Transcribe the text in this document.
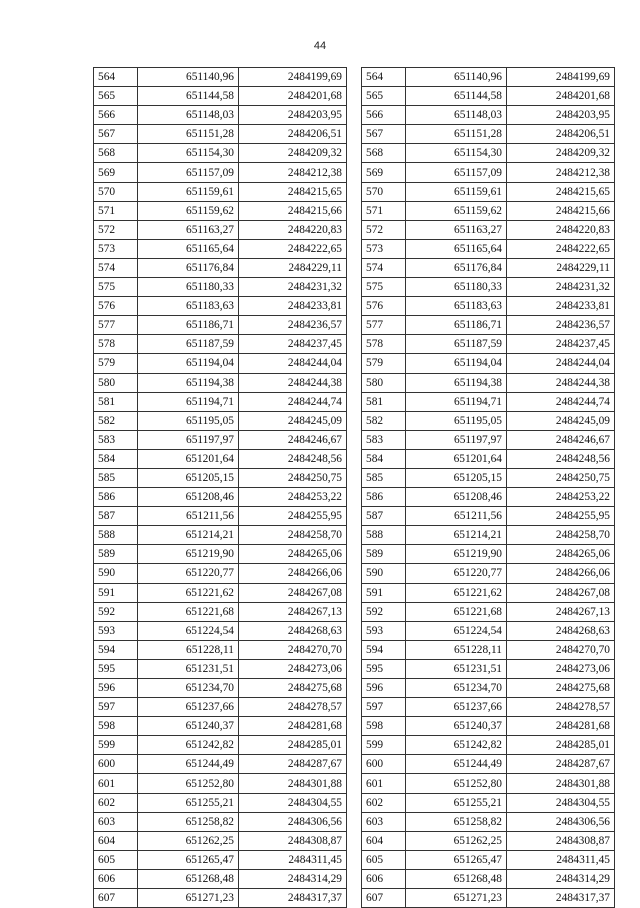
44
564	651140,96	2484199,69
565	651144,58	2484201,68
566	651148,03	2484203,95
567	651151,28	2484206,51
568	651154,30	2484209,32
569	651157,09	2484212,38
570	651159,61	2484215,65
571	651159,62	2484215,66
572	651163,27	2484220,83
573	651165,64	2484222,65
574	651176,84	2484229,11
575	651180,33	2484231,32
576	651183,63	2484233,81
577	651186,71	2484236,57
578	651187,59	2484237,45
579	651194,04	2484244,04
580	651194,38	2484244,38
581	651194,71	2484244,74
582	651195,05	2484245,09
583	651197,97	2484246,67
584	651201,64	2484248,56
585	651205,15	2484250,75
586	651208,46	2484253,22
587	651211,56	2484255,95
588	651214,21	2484258,70
589	651219,90	2484265,06
590	651220,77	2484266,06
591	651221,62	2484267,08
592	651221,68	2484267,13
593	651224,54	2484268,63
594	651228,11	2484270,70
595	651231,51	2484273,06
596	651234,70	2484275,68
597	651237,66	2484278,57
598	651240,37	2484281,68
599	651242,82	2484285,01
600	651244,49	2484287,67
601	651252,80	2484301,88
602	651255,21	2484304,55
603	651258,82	2484306,56
604	651262,25	2484308,87
605	651265,47	2484311,45
606	651268,48	2484314,29
607	651271,23	2484317,37
564	651140,96	2484199,69
565	651144,58	2484201,68
566	651148,03	2484203,95
567	651151,28	2484206,51
568	651154,30	2484209,32
569	651157,09	2484212,38
570	651159,61	2484215,65
571	651159,62	2484215,66
572	651163,27	2484220,83
573	651165,64	2484222,65
574	651176,84	2484229,11
575	651180,33	2484231,32
576	651183,63	2484233,81
577	651186,71	2484236,57
578	651187,59	2484237,45
579	651194,04	2484244,04
580	651194,38	2484244,38
581	651194,71	2484244,74
582	651195,05	2484245,09
583	651197,97	2484246,67
584	651201,64	2484248,56
585	651205,15	2484250,75
586	651208,46	2484253,22
587	651211,56	2484255,95
588	651214,21	2484258,70
589	651219,90	2484265,06
590	651220,77	2484266,06
591	651221,62	2484267,08
592	651221,68	2484267,13
593	651224,54	2484268,63
594	651228,11	2484270,70
595	651231,51	2484273,06
596	651234,70	2484275,68
597	651237,66	2484278,57
598	651240,37	2484281,68
599	651242,82	2484285,01
600	651244,49	2484287,67
601	651252,80	2484301,88
602	651255,21	2484304,55
603	651258,82	2484306,56
604	651262,25	2484308,87
605	651265,47	2484311,45
606	651268,48	2484314,29
607	651271,23	2484317,37
